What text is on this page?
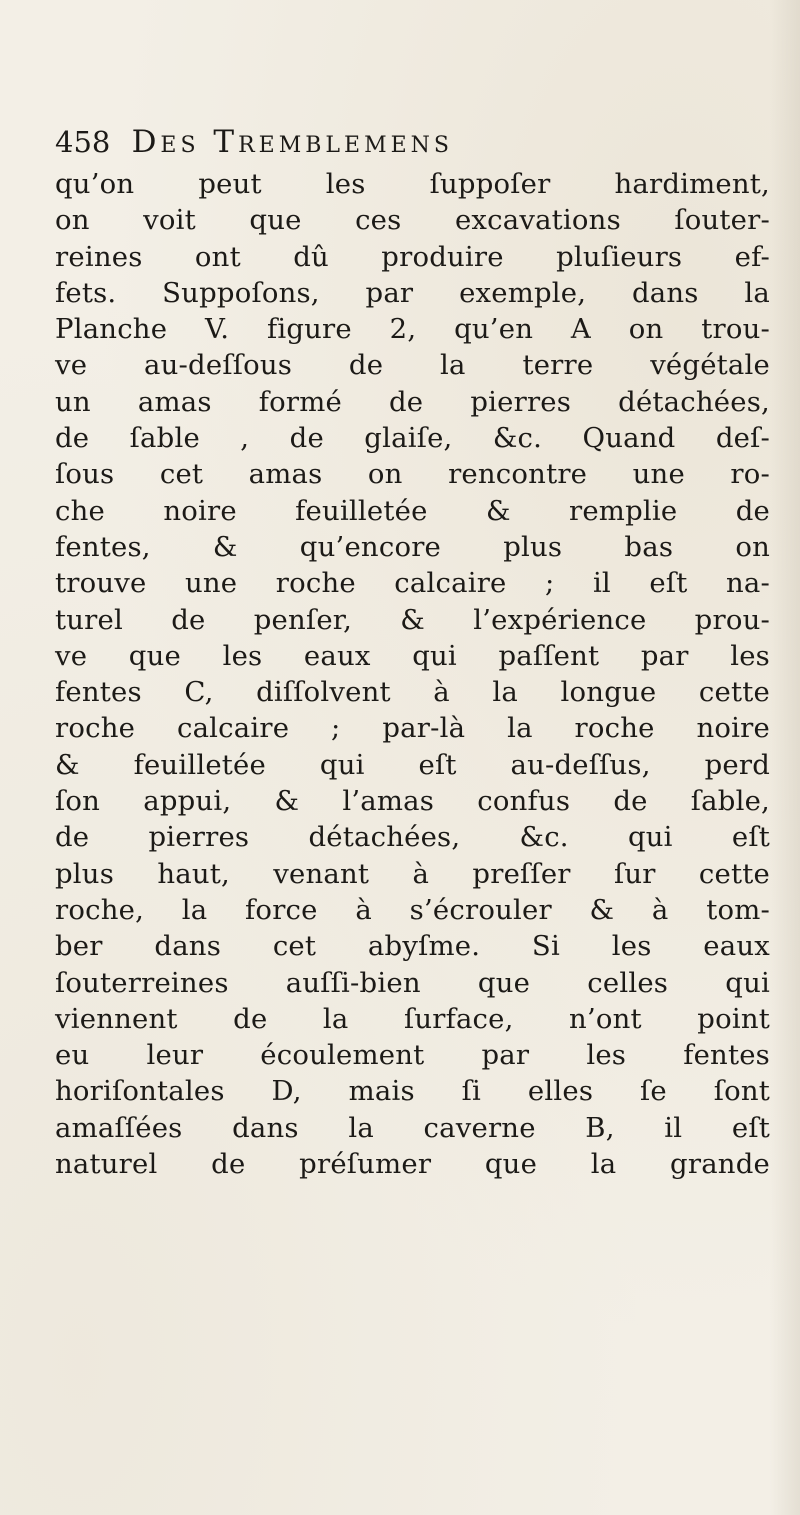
458 Des Tremblemens
qu’on peut les ſuppoſer hardiment,
on voit que ces excavations ſouter-
reines ont dû produire pluſieurs ef-
fets. Suppoſons, par exemple, dans la
Planche V. figure 2, qu’en A on trou-
ve au-deſſous de la terre végétale
un amas formé de pierres détachées,
de ſable , de glaiſe, &c. Quand deſ-
ſous cet amas on rencontre une ro-
che noire feuilletée & remplie de
fentes, & qu’encore plus bas on
trouve une roche calcaire ; il eſt na-
turel de penſer, & l’expérience prou-
ve que les eaux qui paſſent par les
fentes C, diſſolvent à la longue cette
roche calcaire ; par-là la roche noire
& feuilletée qui eſt au-deſſus, perd
ſon appui, & l’amas confus de ſable,
de pierres détachées, &c. qui eſt
plus haut, venant à preſſer ſur cette
roche, la force à s’écrouler & à tom-
ber dans cet abyſme. Si les eaux
ſouterreines auſſi-bien que celles qui
viennent de la ſurface, n’ont point
eu leur écoulement par les fentes
horiſontales D, mais ſi elles ſe ſont
amaſſées dans la caverne B, il eſt
naturel de préſumer que la grande
